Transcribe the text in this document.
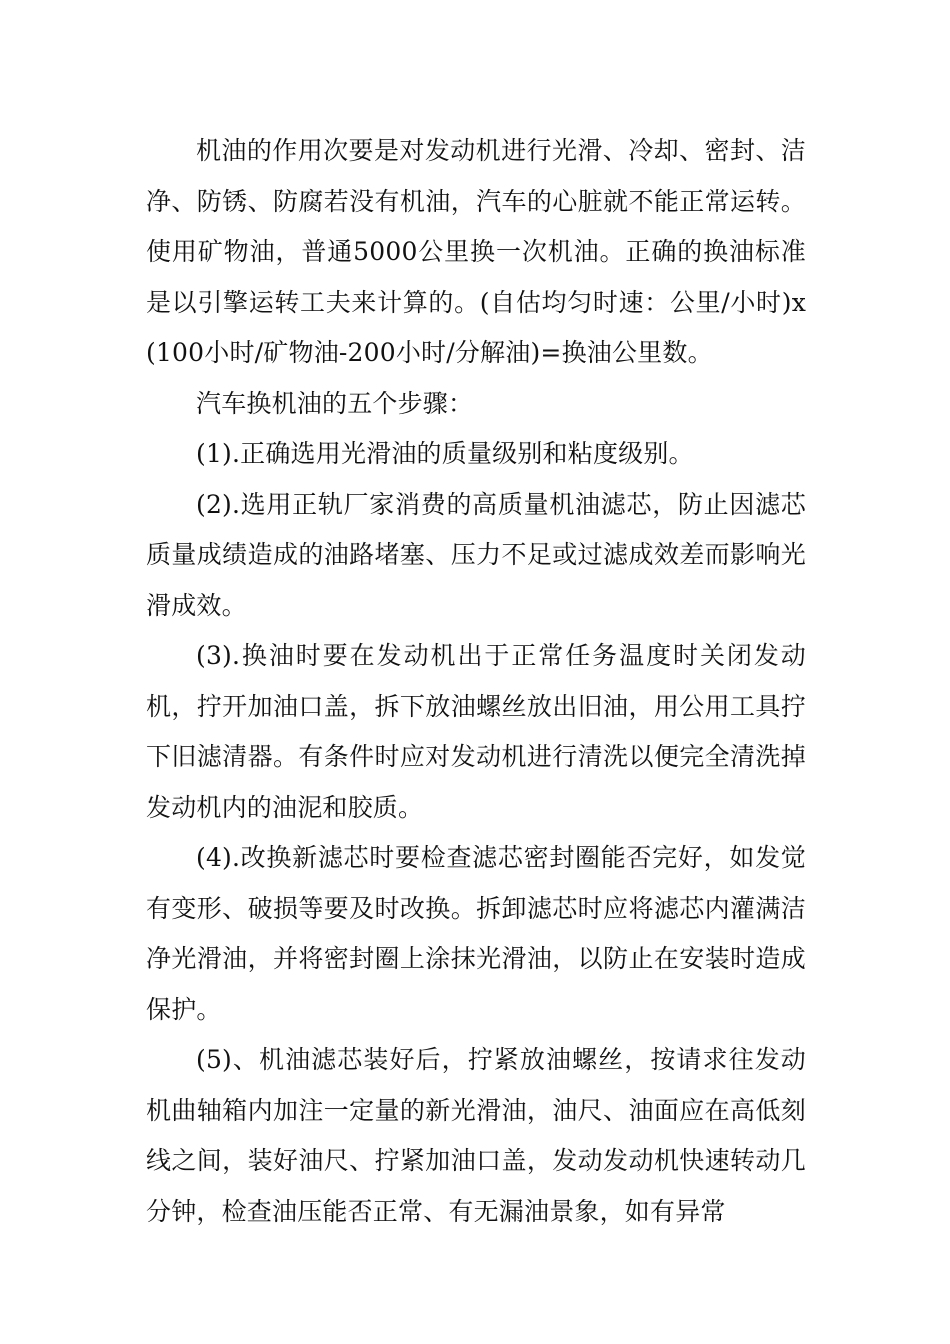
机油的作用次要是对发动机进行光滑、冷却、密封、洁净、防锈、防腐若没有机油，汽车的心脏就不能正常运转。使用矿物油，普通5000公里换一次机油。正确的换油标准是以引擎运转工夫来计算的。(自估均匀时速：公里/小时)x(100小时/矿物油-200小时/分解油)=换油公里数。

汽车换机油的五个步骤：

(1).正确选用光滑油的质量级别和粘度级别。

(2).选用正轨厂家消费的高质量机油滤芯，防止因滤芯质量成绩造成的油路堵塞、压力不足或过滤成效差而影响光滑成效。

(3).换油时要在发动机出于正常任务温度时关闭发动机，拧开加油口盖，拆下放油螺丝放出旧油，用公用工具拧下旧滤清器。有条件时应对发动机进行清洗以便完全清洗掉发动机内的油泥和胶质。

(4).改换新滤芯时要检查滤芯密封圈能否完好，如发觉有变形、破损等要及时改换。拆卸滤芯时应将滤芯内灌满洁净光滑油，并将密封圈上涂抹光滑油，以防止在安装时造成保护。

(5)、机油滤芯装好后，拧紧放油螺丝，按请求往发动机曲轴箱内加注一定量的新光滑油，油尺、油面应在高低刻线之间，装好油尺、拧紧加油口盖，发动发动机快速转动几分钟，检查油压能否正常、有无漏油景象，如有异常
